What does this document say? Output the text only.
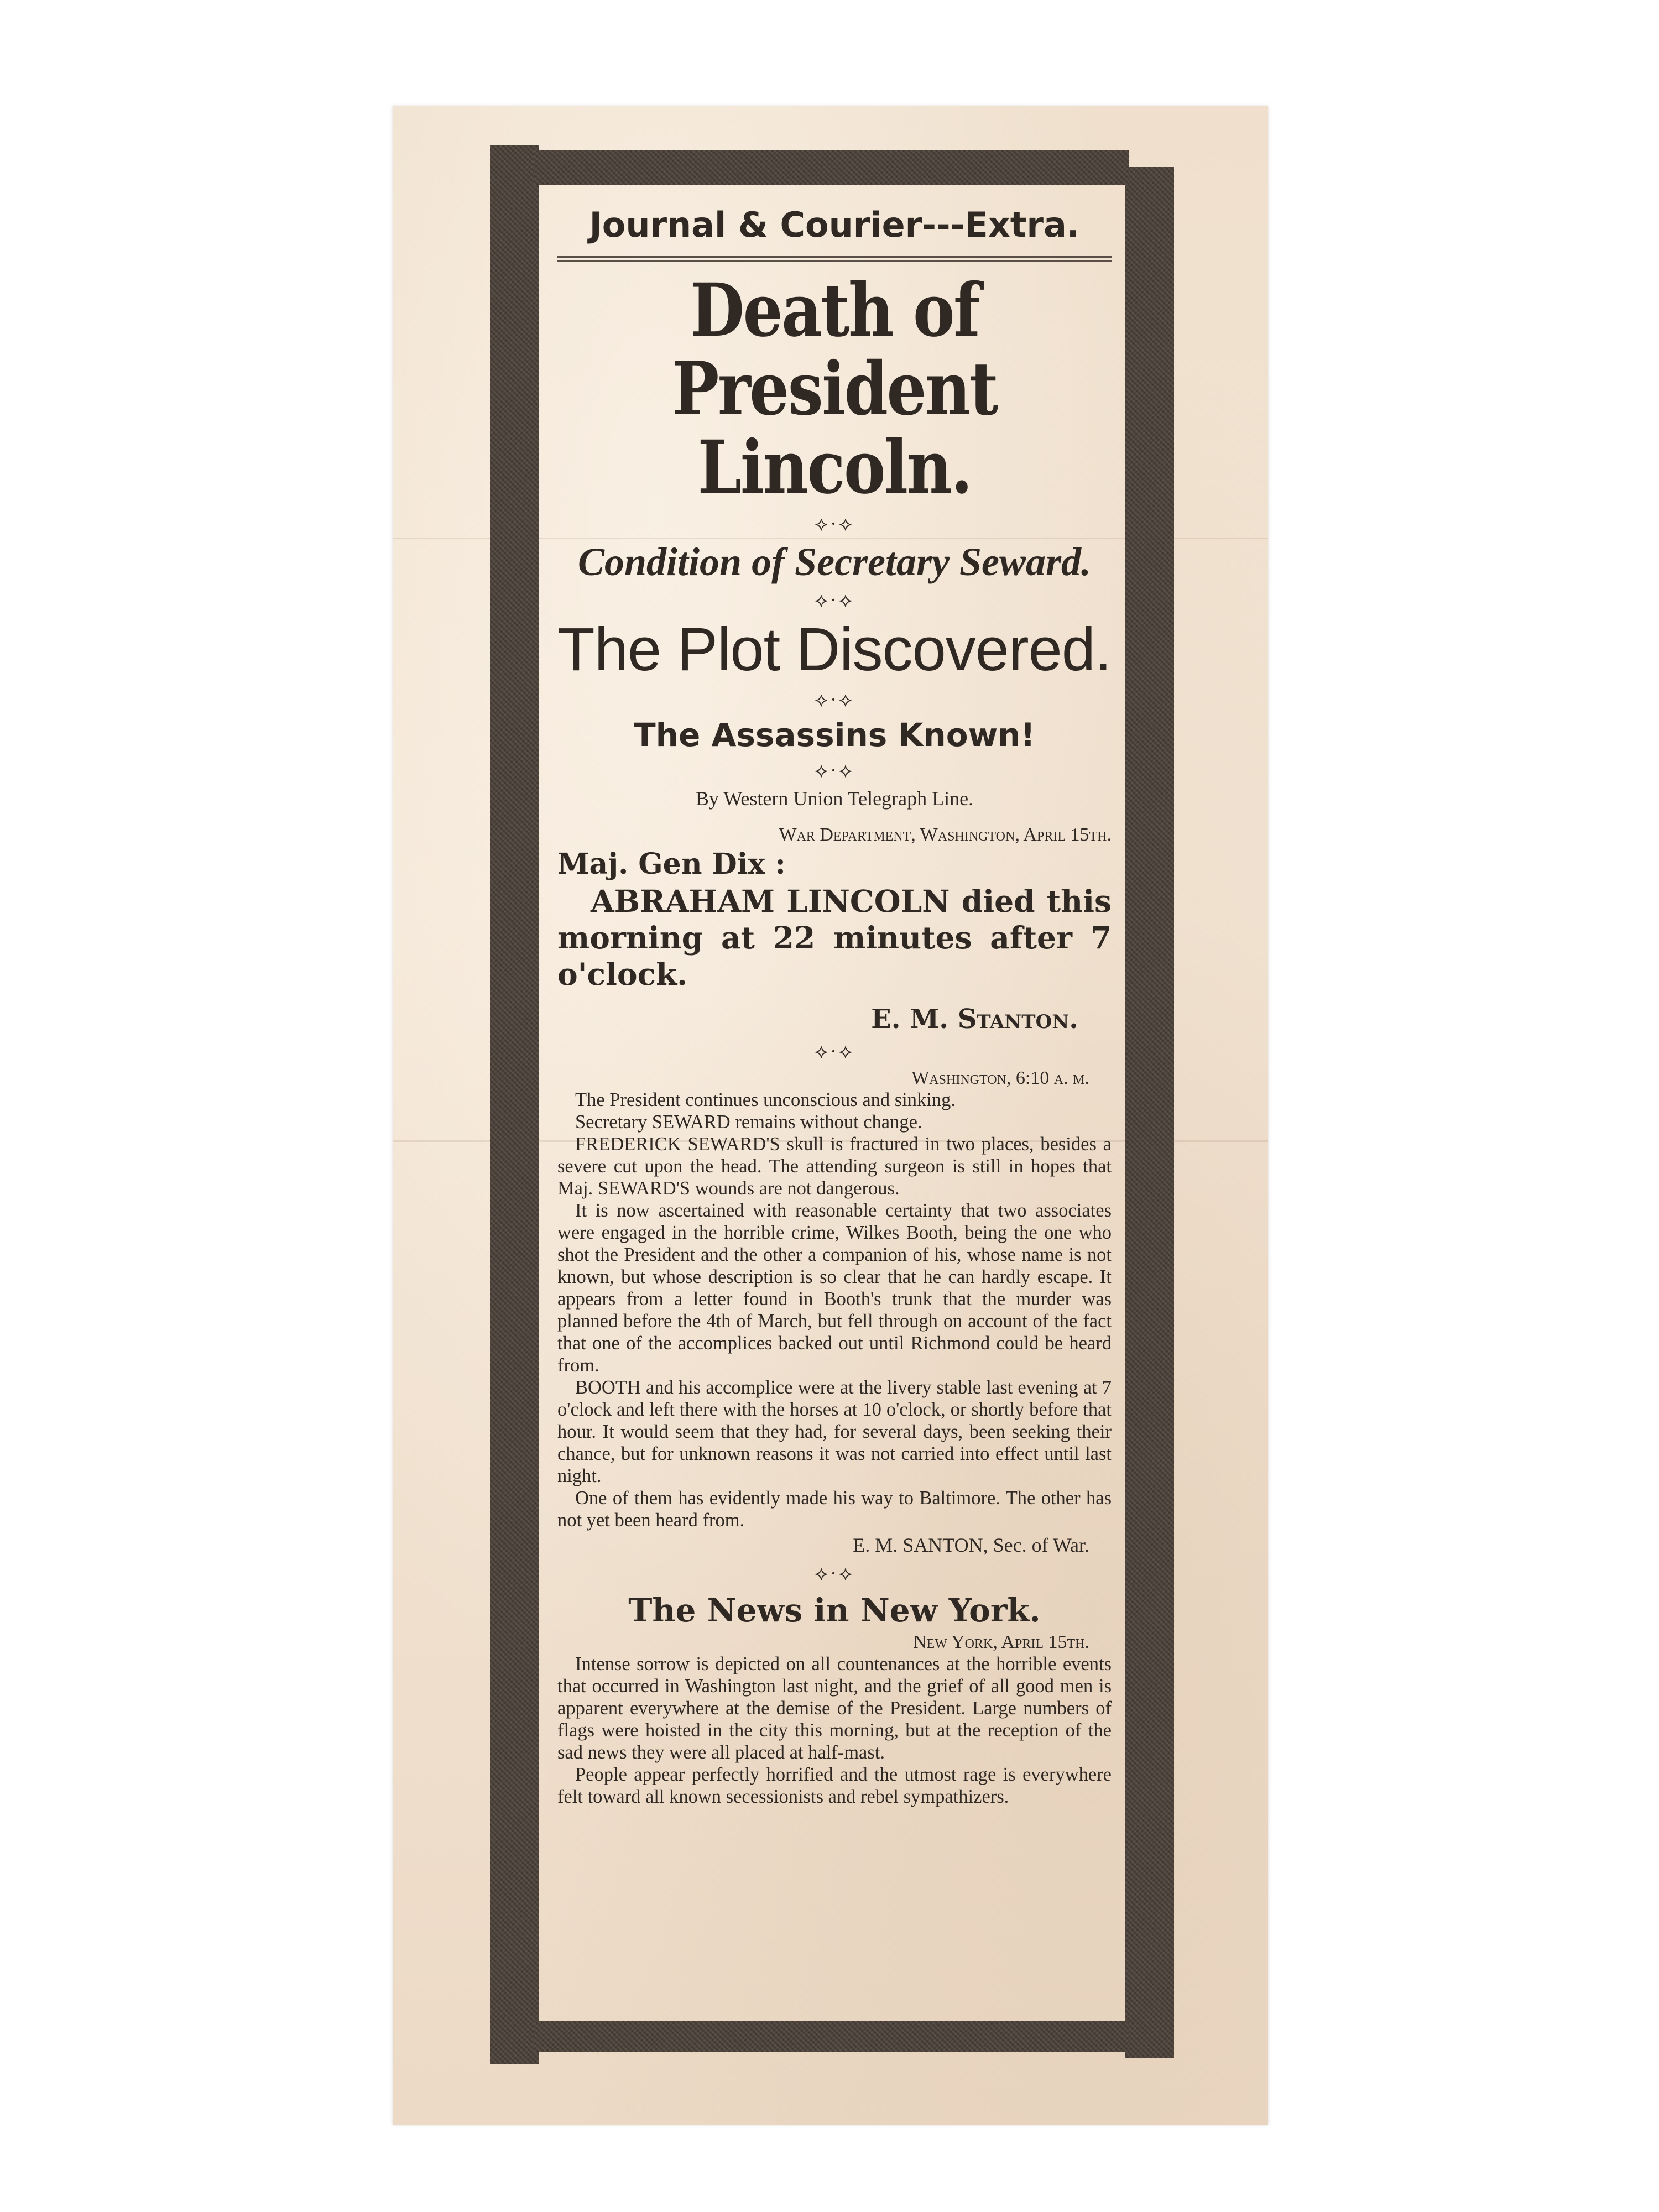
Journal & Courier---Extra.
Death of President Lincoln.
⟡·⟡
Condition of Secretary Seward.
⟡·⟡
The Plot Discovered.
⟡·⟡
The Assassins Known!
⟡·⟡
By Western Union Telegraph Line.
War Department, Washington, April 15th.
Maj. Gen Dix :
ABRAHAM LINCOLN died this morning at 22 minutes after 7 o'clock.
E. M. Stanton.
⟡·⟡
Washington, 6:10 a. m.

The President continues unconscious and sinking.

Secretary SEWARD remains without change.

FREDERICK SEWARD'S skull is fractured in two places, besides a severe cut upon the head. The attending surgeon is still in hopes that Maj. SEWARD'S wounds are not dangerous.

It is now ascertained with reasonable certainty that two associates were engaged in the horrible crime, Wilkes Booth, being the one who shot the President and the other a companion of his, whose name is not known, but whose description is so clear that he can hardly escape. It appears from a letter found in Booth's trunk that the murder was planned before the 4th of March, but fell through on account of the fact that one of the accomplices backed out until Richmond could be heard from.

BOOTH and his accomplice were at the livery stable last evening at 7 o'clock and left there with the horses at 10 o'clock, or shortly before that hour. It would seem that they had, for several days, been seeking their chance, but for unknown reasons it was not carried into effect until last night.

One of them has evidently made his way to Baltimore. The other has not yet been heard from.

E. M. SANTON, Sec. of War.
⟡·⟡
The News in New York.
New York, April 15th.

Intense sorrow is depicted on all countenances at the horrible events that occurred in Washington last night, and the grief of all good men is apparent everywhere at the demise of the President. Large numbers of flags were hoisted in the city this morning, but at the reception of the sad news they were all placed at half-mast.

People appear perfectly horrified and the utmost rage is everywhere felt toward all known secessionists and rebel sympathizers.
